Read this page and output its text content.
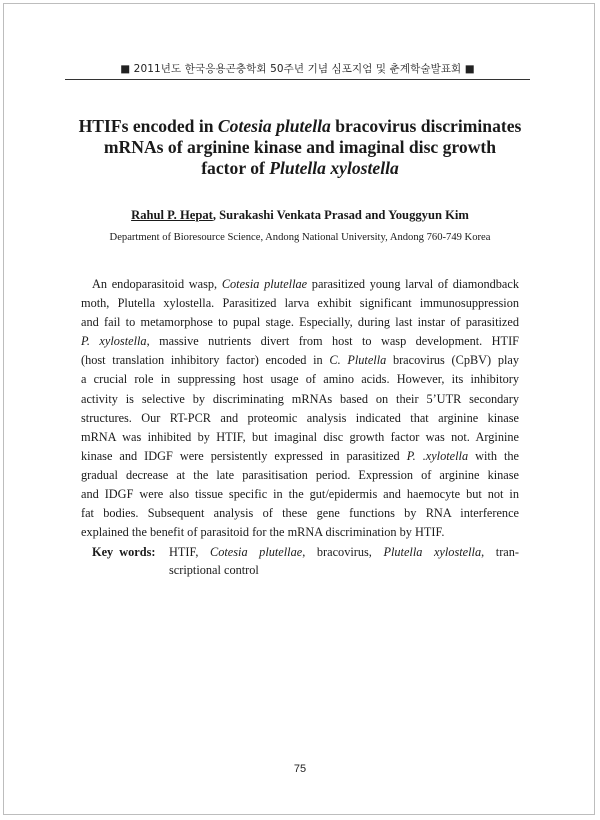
■ 2011년도 한국응용곤충학회 50주년 기념 심포지엄 및 춘계학술발표회 ■
HTIFs encoded in Cotesia plutella bracovirus discriminates
mRNAs of arginine kinase and imaginal disc growth
factor of Plutella xylostella
Rahul P. Hepat, Surakashi Venkata Prasad and Youggyun Kim
Department of Bioresource Science, Andong National University, Andong 760-749 Korea
An endoparasitoid wasp, Cotesia plutellae parasitized young larval of diamondback
moth, Plutella xylostella. Parasitized larva exhibit significant immunosuppression
and fail to metamorphose to pupal stage. Especially, during last instar of parasitized
P. xylostella, massive nutrients divert from host to wasp development. HTIF
(host translation inhibitory factor) encoded in C. Plutella bracovirus (CpBV) play
a crucial role in suppressing host usage of amino acids. However, its inhibitory
activity is selective by discriminating mRNAs based on their 5’UTR secondary
structures. Our RT-PCR and proteomic analysis indicated that arginine kinase
mRNA was inhibited by HTIF, but imaginal disc growth factor was not. Arginine
kinase and IDGF were persistently expressed in parasitized P. .xylotella with the
gradual decrease at the late parasitisation period. Expression of arginine kinase
and IDGF were also tissue specific in the gut/epidermis and haemocyte but not in
fat bodies. Subsequent analysis of these gene functions by RNA interference
explained the benefit of parasitoid for the mRNA discrimination by HTIF.
Key words: HTIF, Cotesia plutellae, bracovirus, Plutella xylostella, tran-
scriptional control
75
